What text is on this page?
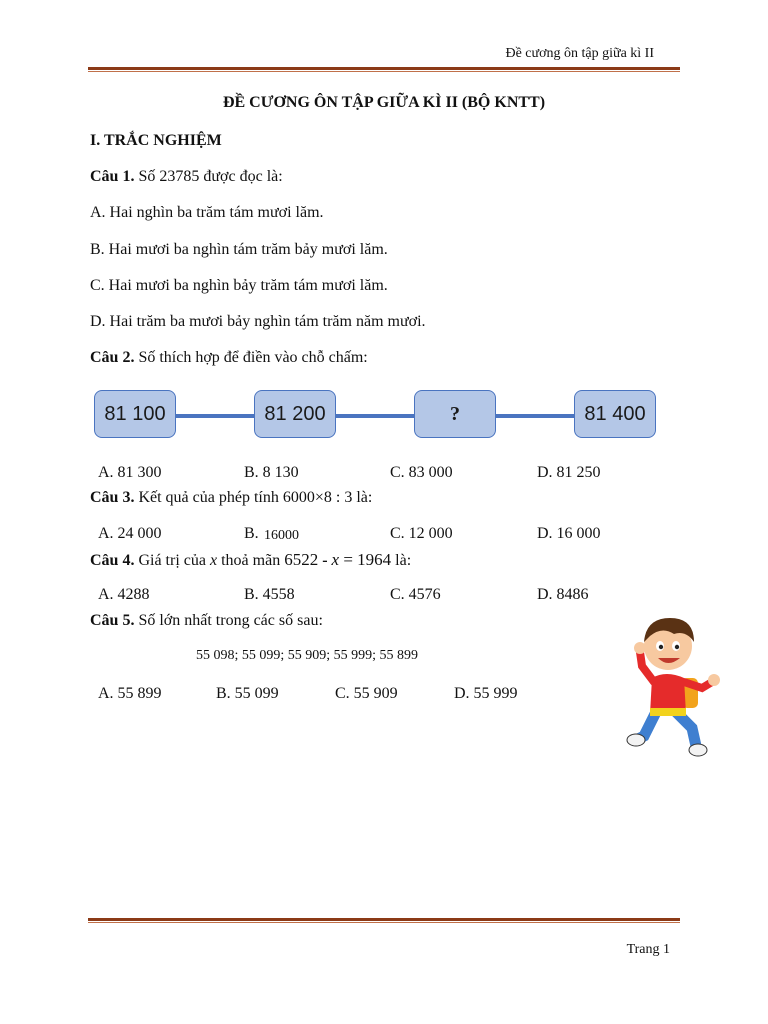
Đề cương ôn tập giữa kì II
ĐỀ CƯƠNG ÔN TẬP GIỮA KÌ II (BỘ KNTT)
I. TRẮC NGHIỆM
Câu 1. Số 23785 được đọc là:
A. Hai nghìn ba trăm tám mươi lăm.
B. Hai mươi ba nghìn tám trăm bảy mươi lăm.
C. Hai mươi ba nghìn bảy trăm tám mươi lăm.
D. Hai trăm ba mươi bảy nghìn tám trăm năm mươi.
Câu 2. Số thích hợp để điền vào chỗ chấm:
81 100	81 200	?	81 400
A. 81 300	B. 8 130	C. 83 000	D. 81 250
Câu 3. Kết quả của phép tính 6000×8 : 3 là:
A. 24 000	B. 16000	C. 12 000	D. 16 000
Câu 4. Giá trị của x thoả mãn 6522 - x = 1964 là:
A. 4288	B. 4558	C. 4576	D. 8486
Câu 5. Số lớn nhất trong các số sau:
55 098; 55 099; 55 909; 55 999; 55 899
A. 55 899	B. 55 099	C. 55 909	D. 55 999
Trang 1
